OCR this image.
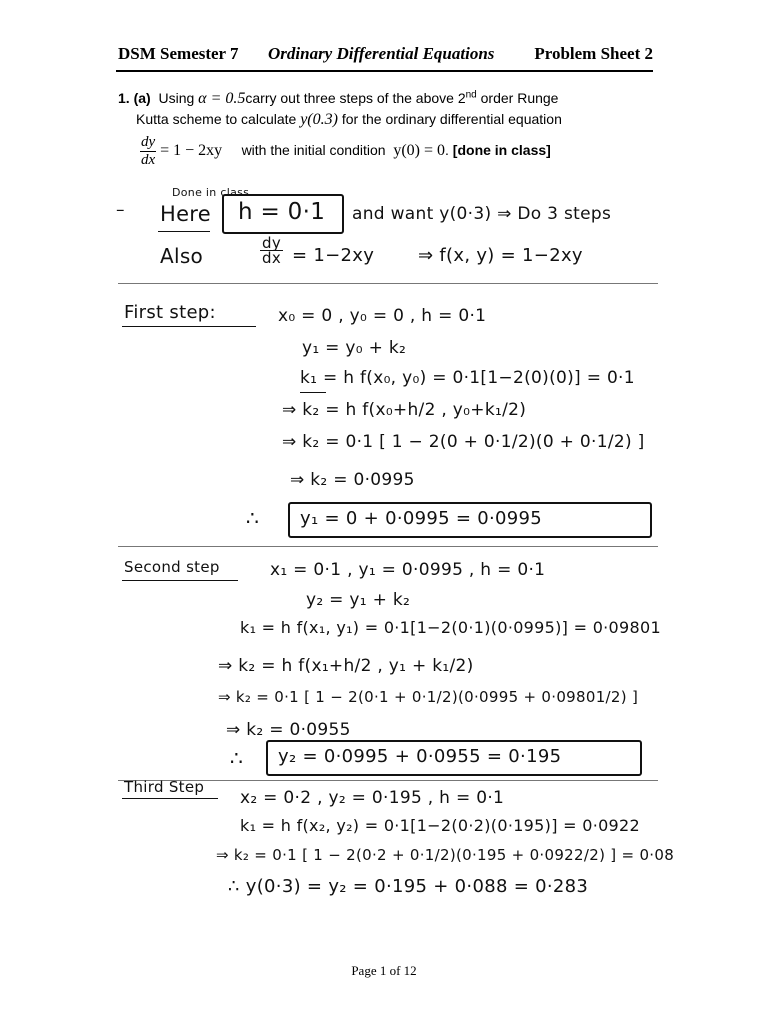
DSM Semester 7 Ordinary Differential Equations Problem Sheet 2
1. (a) Using α = 0.5carry out three steps of the above 2nd order Runge
Kutta scheme to calculate y(0.3) for the ordinary differential equation
$\frac{dy}{dx} = 1 - 2xy$ with the initial condition y(0) = 0. [done in class]
Done in class
– Here h = 0·1 and want y(0·3) ⇒ Do 3 steps
Also	$\frac{dy}{dx} = 1-2xy$ ⇒ f(x, y) = 1−2xy
First step:	x₀ = 0 , y₀ = 0 , h = 0·1
y₁ = y₀ + k₂
k₁ = h f(x₀, y₀) = 0·1[1−2(0)(0)] = 0·1
⇒ k₂ = h f(x₀+h/2 , y₀+k₁/2)
⇒ k₂ = 0·1 [ 1 − 2(0 + 0·1/2)(0 + 0·1/2) ]
⇒ k₂ = 0·0995
∴ y₁ = 0 + 0·0995 = 0·0995
Second step	x₁ = 0·1 , y₁ = 0·0995 , h = 0·1
y₂ = y₁ + k₂
k₁ = h f(x₁, y₁) = 0·1[1−2(0·1)(0·0995)] = 0·09801
⇒ k₂ = h f(x₁+h/2 , y₁ + k₁/2)
⇒ k₂ = 0·1 [ 1 − 2(0·1 + 0·1/2)(0·0995 + 0·09801/2) ]
⇒ k₂ = 0·0955
∴ y₂ = 0·0995 + 0·0955 = 0·195
Third Step
x₂ = 0·2 , y₂ = 0·195 , h = 0·1
k₁ = h f(x₂, y₂) = 0·1[1−2(0·2)(0·195)] = 0·0922
⇒ k₂ = 0·1 [ 1 − 2(0·2 + 0·1/2)(0·195 + 0·0922/2) ] = 0·08
∴ y(0·3) = y₂ = 0·195 + 0·088 = 0·283
Page 1 of 12
